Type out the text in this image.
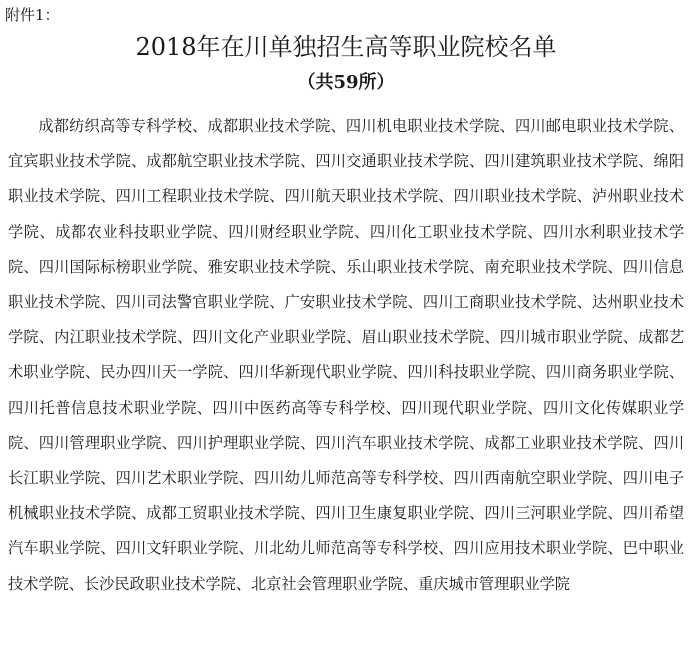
附件1：
2018年在川单独招生高等职业院校名单
（共59所）

成都纺织高等专科学校、成都职业技术学院、四川机电职业技术学院、四川邮电职业技术学院、宜宾职业技术学院、成都航空职业技术学院、四川交通职业技术学院、四川建筑职业技术学院、绵阳职业技术学院、四川工程职业技术学院、四川航天职业技术学院、四川职业技术学院、泸州职业技术学院、成都农业科技职业学院、四川财经职业学院、四川化工职业技术学院、四川水利职业技术学院、四川国际标榜职业学院、雅安职业技术学院、乐山职业技术学院、南充职业技术学院、四川信息职业技术学院、四川司法警官职业学院、广安职业技术学院、四川工商职业技术学院、达州职业技术学院、内江职业技术学院、四川文化产业职业学院、眉山职业技术学院、四川城市职业学院、成都艺术职业学院、民办四川天一学院、四川华新现代职业学院、四川科技职业学院、四川商务职业学院、四川托普信息技术职业学院、四川中医药高等专科学校、四川现代职业学院、四川文化传媒职业学院、四川管理职业学院、四川护理职业学院、四川汽车职业技术学院、成都工业职业技术学院、四川长江职业学院、四川艺术职业学院、四川幼儿师范高等专科学校、四川西南航空职业学院、四川电子机械职业技术学院、成都工贸职业技术学院、四川卫生康复职业学院、四川三河职业学院、四川希望汽车职业学院、四川文轩职业学院、川北幼儿师范高等专科学校、四川应用技术职业学院、巴中职业技术学院、长沙民政职业技术学院、北京社会管理职业学院、重庆城市管理职业学院
